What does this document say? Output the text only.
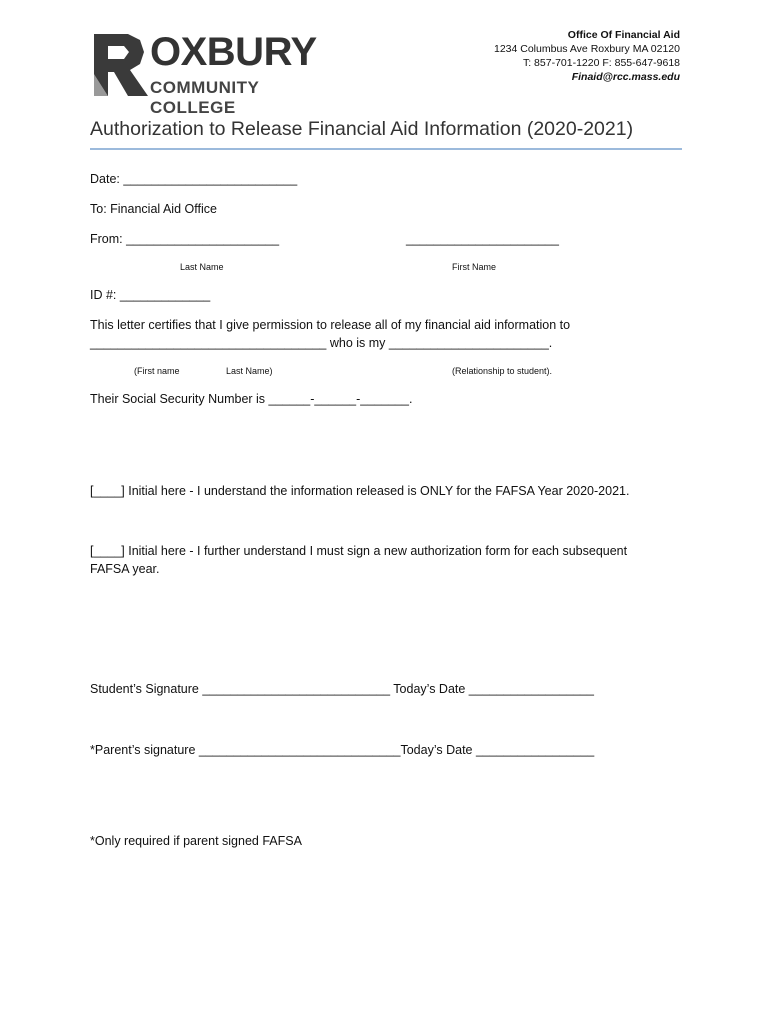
OXBURY
COMMUNITY COLLEGE
Office Of Financial Aid
1234 Columbus Ave Roxbury MA 02120
T: 857-701-1220 F: 855-647-9618
Finaid@rcc.mass.edu
Authorization to Release Financial Aid Information (2020-2021)
Date: _________________________
To: Financial Aid Office
From: ______________________	______________________
Last Name	First Name
ID #: _____________
This letter certifies that I give permission to release all of my financial aid information to
__________________________________ who is my _______________________.
(First name	Last Name)	(Relationship to student).
Their Social Security Number is ______-______-_______.
[____] Initial here - I understand the information released is ONLY for the FAFSA Year 2020-2021.
[____] Initial here - I further understand I must sign a new authorization form for each subsequent
FAFSA year.
Student’s Signature ___________________________ Today’s Date __________________
*Parent’s signature _____________________________Today’s Date _________________
*Only required if parent signed FAFSA
